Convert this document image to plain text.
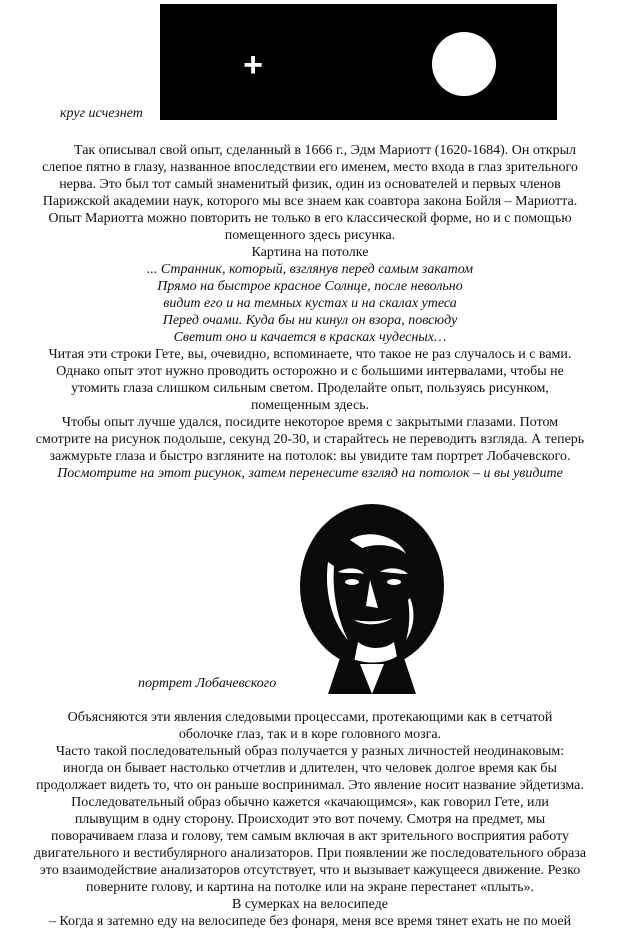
+
круг исчезнет

Так описывал свой опыт, сделанный в 1666 г., Эдм Мариотт (1620-1684). Он открыл

слепое пятно в глазу, названное впоследствии его именем, место входа в глаз зрительного

нерва. Это был тот самый знаменитый физик, один из основателей и первых членов

Парижской академии наук, которого мы все знаем как соавтора закона Бойля – Мариотта.

Опыт Мариотта можно повторить не только в его классической форме, но и с помощью

помещенного здесь рисунка.

Картина на потолке

... Странник, который, взглянув перед самым закатом

Прямо на быстрое красное Солнце, после невольно

видит его и на темных кустах и на скалах утеса

Перед очами. Куда бы ни кинул он взора, повсюду

Светит оно и качается в красках чудесных…

Читая эти строки Гете, вы, очевидно, вспоминаете, что такое не раз случалось и с вами.

Однако опыт этот нужно проводить осторожно и с большими интервалами, чтобы не

утомить глаза слишком сильным светом. Проделайте опыт, пользуясь рисунком,

помещенным здесь.

Чтобы опыт лучше удался, посидите некоторое время с закрытыми глазами. Потом

смотрите на рисунок подольше, секунд 20-30, и старайтесь не переводить взгляда. А теперь

зажмурьте глаза и быстро взгляните на потолок: вы увидите там портрет Лобачевского.

Посмотрите на этот рисунок, затем перенесите взгляд на потолок – и вы увидите

портрет Лобачевского

Объясняются эти явления следовыми процессами, протекающими как в сетчатой

оболочке глаз, так и в коре головного мозга.

Часто такой последовательный образ получается у разных личностей неодинаковым:

иногда он бывает настолько отчетлив и длителен, что человек долгое время как бы

продолжает видеть то, что он раньше воспринимал. Это явление носит название эйдетизма.

Последовательный образ обычно кажется «качающимся», как говорил Гете, или

плывущим в одну сторону. Происходит это вот почему. Смотря на предмет, мы

поворачиваем глаза и голову, тем самым включая в акт зрительного восприятия работу

двигательного и вестибулярного анализаторов. При появлении же последовательного образа

это взаимодействие анализаторов отсутствует, что и вызывает кажущееся движение. Резко

поверните голову, и картина на потолке или на экране перестанет «плыть».

В сумерках на велосипеде

– Когда я затемно еду на велосипеде без фонаря, меня все время тянет ехать не по моей
